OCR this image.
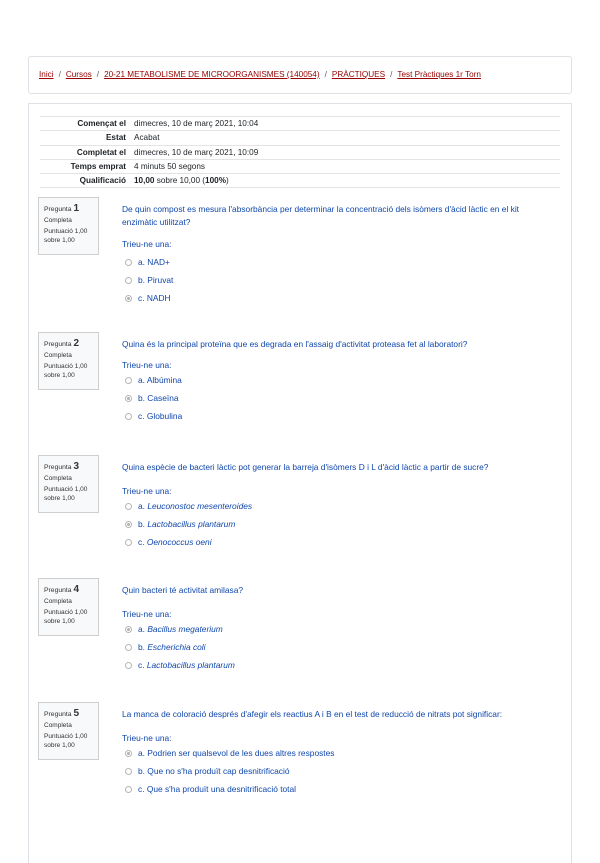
Inici / Cursos / 20-21 METABOLISME DE MICROORGANISMES (140054) / PRÀCTIQUES / Test Pràctiques 1r Torn
Començat el	dimecres, 10 de març 2021, 10:04
Estat	Acabat
Completat el	dimecres, 10 de març 2021, 10:09
Temps emprat	4 minuts 50 segons
Qualificació	10,00 sobre 10,00 (100%)
Pregunta 1
Completa
Puntuació 1,00 sobre 1,00

De quin compost es mesura l'absorbància per determinar la concentració dels isòmers d'àcid làctic en el kit enzimàtic utilitzat?

Trieu-ne una:
a. NAD+
b. Piruvat
c. NADH
Pregunta 2
Completa
Puntuació 1,00 sobre 1,00

Quina és la principal proteïna que es degrada en l'assaig d'activitat proteasa fet al laboratori?

Trieu-ne una:
a. Albúmina
b. Caseïna
c. Globulina
Pregunta 3
Completa
Puntuació 1,00 sobre 1,00

Quina espècie de bacteri làctic pot generar la barreja d'isòmers D i L d'àcid làctic a partir de sucre?

Trieu-ne una:
a.
Leuconostoc mesenteroides
b.
Lactobacillus plantarum
c.
Oenococcus oeni
Pregunta 4
Completa
Puntuació 1,00 sobre 1,00

Quin bacteri té activitat amilasa?

Trieu-ne una:
a.
Bacillus megaterium
b.
Escherichia coli
c.
Lactobacillus plantarum
Pregunta 5
Completa
Puntuació 1,00 sobre 1,00

La manca de coloració després d'afegir els reactius A i B en el test de reducció de nitrats pot significar:

Trieu-ne una:
a. Podrien ser qualsevol de les dues altres respostes
b. Que no s'ha produït cap desnitrificació
c. Que s'ha produït una desnitrificació total
